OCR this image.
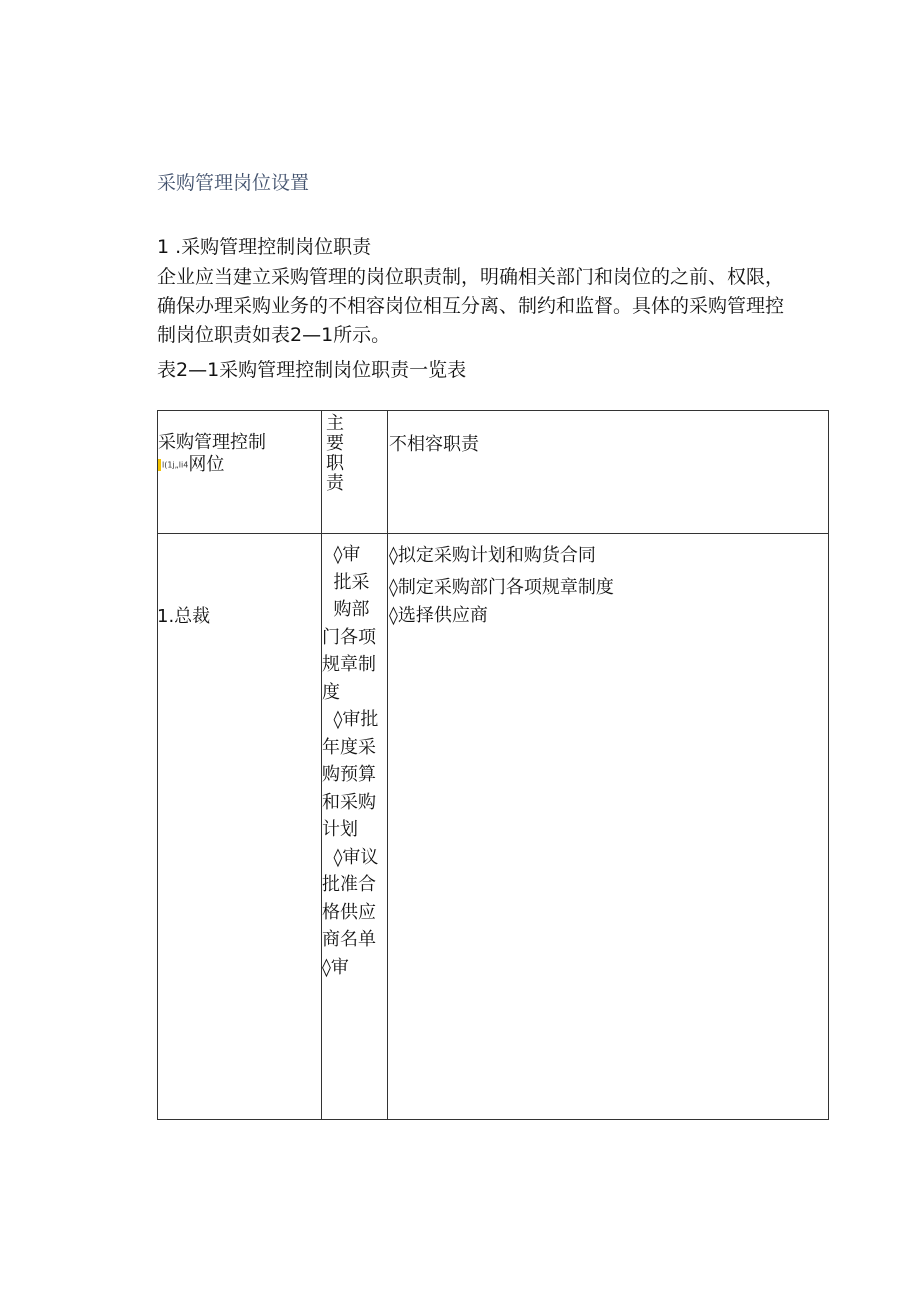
采购管理岗位设置
1 .采购管理控制岗位职责
企业应当建立采购管理的岗位职责制，明确相关部门和岗位的之前、权限，
确保办理采购业务的不相容岗位相互分离、制约和监督。具体的采购管理控
制岗位职责如表2—1所示。
表2—1采购管理控制岗位职责一览表
采购管理控制
l(1j„li4网位
主要职责
不相容职责
1.总裁
◊审
批采
购部
门各项
规章制
度
◊审批
年度采
购预算
和采购
计划
◊审议
批准合
格供应
商名单
◊审
◊拟定采购计划和购货合同
◊制定采购部门各项规章制度
◊选择供应商
